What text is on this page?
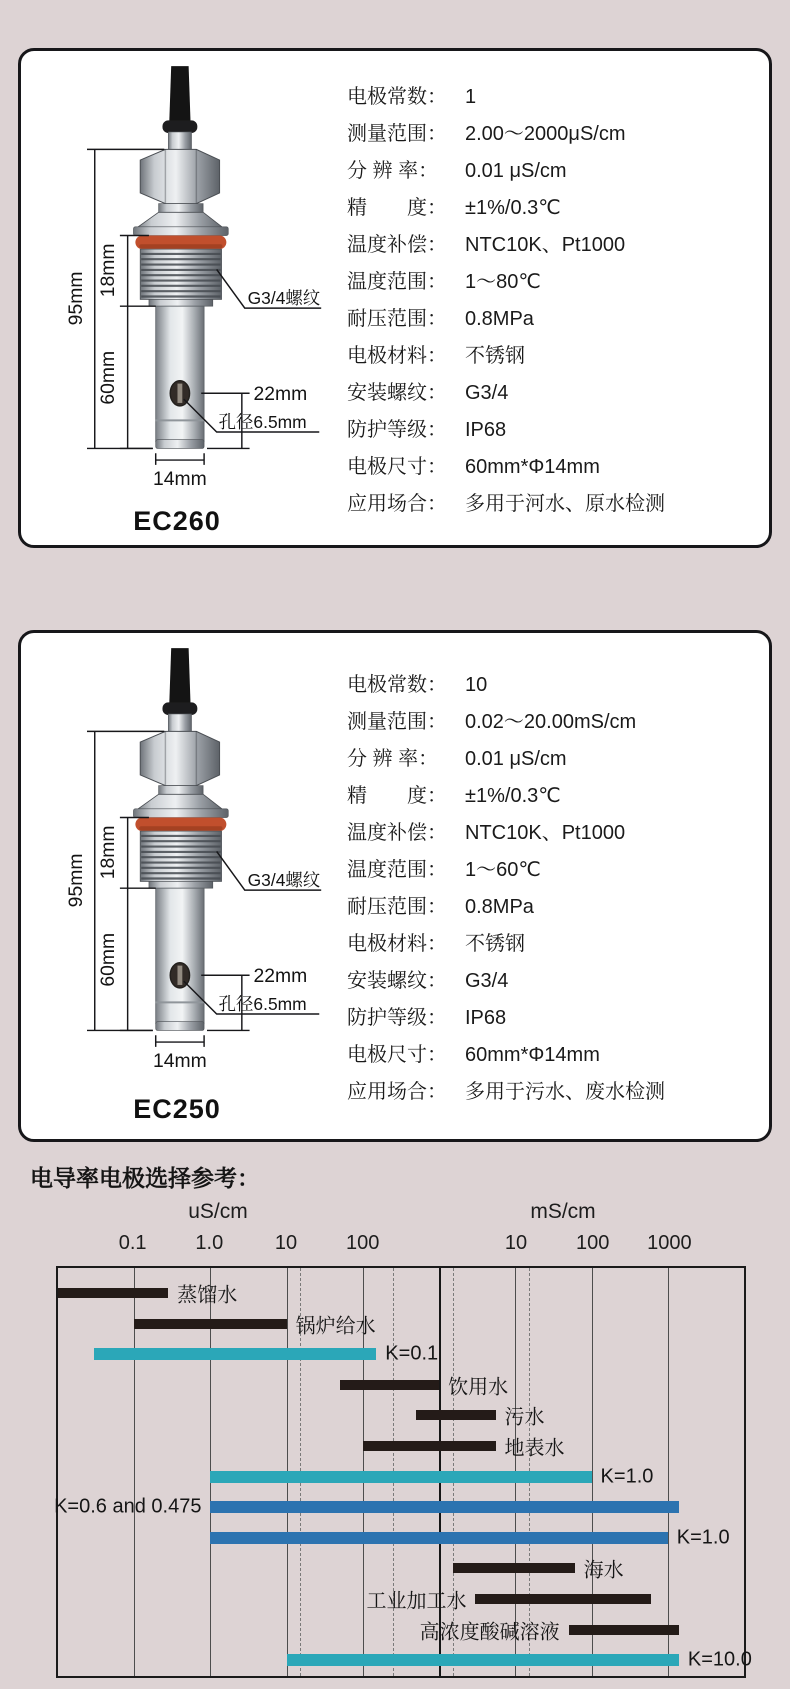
95mm
18mm
60mm	22mm
孔径6.5mm
G3/4螺纹
14mm
EC260
电极常数： 1
测量范围： 2.00～2000μS/cm
分 辨 率：	0.01 μS/cm
精　　度： ±1%/0.3℃
温度补偿： NTC10K、Pt1000
温度范围： 1～80℃
耐压范围： 0.8MPa
电极材料： 不锈钢
安装螺纹： G3/4
防护等级： IP68
电极尺寸： 60mm*Φ14mm
应用场合： 多用于河水、原水检测
95mm
18mm
60mm	22mm
孔径6.5mm
G3/4螺纹
14mm
EC250
电极常数： 10
测量范围： 0.02～20.00mS/cm
分 辨 率：	0.01 μS/cm
精　　度： ±1%/0.3℃
温度补偿： NTC10K、Pt1000
温度范围： 1～60℃
耐压范围： 0.8MPa
电极材料： 不锈钢
安装螺纹： G3/4
防护等级： IP68
电极尺寸： 60mm*Φ14mm
应用场合： 多用于污水、废水检测
电导率电极选择参考：
uS/cm	mS/cm
0.1 1.0	10 100	10 100 1000
蒸馏水
锅炉给水
K=0.1
饮用水
污水
地表水
K=1.0
K=0.6 and 0.475
K=1.0
海水
工业加工水
高浓度酸碱溶液
K=10.0
